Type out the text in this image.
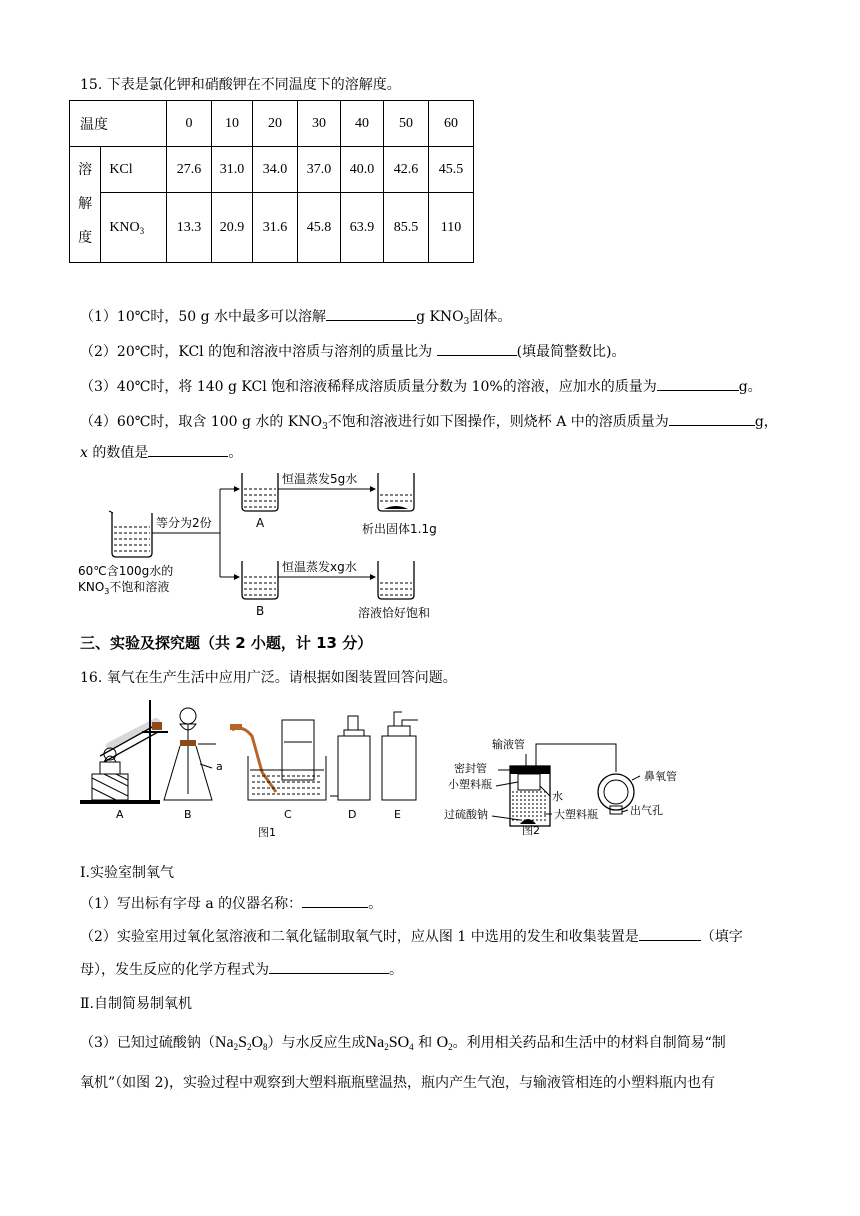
15. 下表是氯化钾和硝酸钾在不同温度下的溶解度。
温度		0	10	20	30	40	50	60

溶
解
度	KCl	27.6	31.0	34.0	37.0	40.0	42.6	45.5
	$KNO_3$	13.3	20.9	31.6	45.8	63.9	85.5	110
（1）10℃时，50 g 水中最多可以溶解	g $KNO_3$固体。
（2）20℃时，KCl 的饱和溶液中溶质与溶剂的质量比为	(填最简整数比)。
（3）40℃时，将 140 g KCl 饱和溶液稀释成溶质质量分数为 10%的溶液，应加水的质量为	g。
（4）60℃时，取含 100 g 水的 $KNO_3$不饱和溶液进行如下图操作，则烧杯 A 中的溶质质量为	g，
x 的数值是	。
等分为2份	A
恒温蒸发5g水
析出固体1.1g
B
恒温蒸发xg水
溶液恰好饱和
60℃含100g水的
$KNO_3$不饱和溶液
三、实验及探究题（共 2 小题，计 13 分）
16. 氧气在生产生活中应用广泛。请根据如图装置回答问题。
A
a
B	C	D	E
图1
输液管
密封管
小塑料瓶
过硫酸钠
水
大塑料瓶
鼻氧管
出气孔
图2
Ⅰ.实验室制氧气
（1）写出标有字母 a 的仪器名称：	。
（2）实验室用过氧化氢溶液和二氧化锰制取氧气时，应从图 1 中选用的发生和收集装置是	（填字
母），发生反应的化学方程式为	。
Ⅱ.自制简易制氧机
（3）已知过硫酸钠$(Na_2S_2O_8)$与水反应生成$Na_2SO_4$ 和 $O_2$。利用相关药品和生活中的材料自制简易“制
氧机”（如图 2)，实验过程中观察到大塑料瓶瓶壁温热，瓶内产生气泡，与输液管相连的小塑料瓶内也有
